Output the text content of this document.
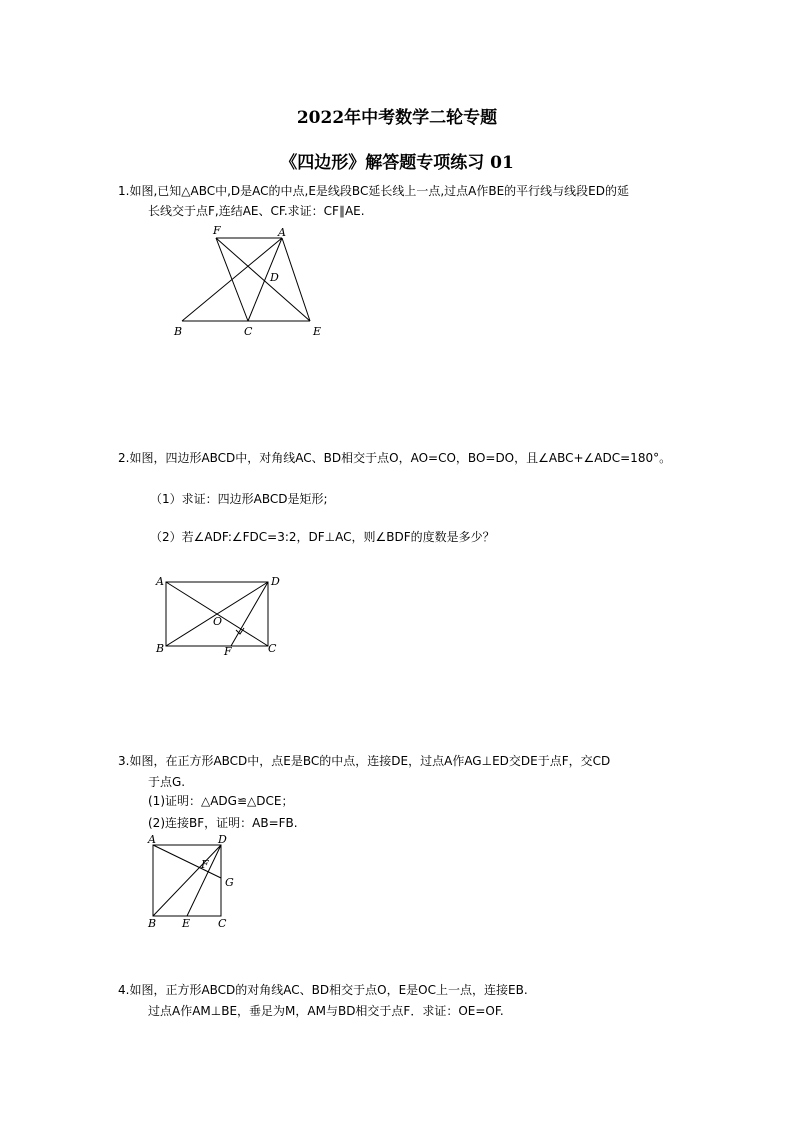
2022年中考数学二轮专题
《四边形》解答题专项练习 01
1.如图,已知△ABC中,D是AC的中点,E是线段BC延长线上一点,过点A作BE的平行线与线段ED的延
长线交于点F,连结AE、CF.求证：CF∥AE.
F	A
D
B	C	E
2.如图，四边形ABCD中，对角线AC、BD相交于点O，AO=CO，BO=DO，且∠ABC+∠ADC=180°。
（1）求证：四边形ABCD是矩形;
（2）若∠ADF:∠FDC=3:2，DF⊥AC，则∠BDF的度数是多少？
A	D
O
B	F	C
3.如图，在正方形ABCD中，点E是BC的中点，连接DE，过点A作AG⊥ED交DE于点F，交CD
于点G.
(1)证明：△ADG≌△DCE；
(2)连接BF，证明：AB=FB.
A	D
F
G
B E	C
4.如图，正方形ABCD的对角线AC、BD相交于点O，E是OC上一点，连接EB.
过点A作AM⊥BE，垂足为M，AM与BD相交于点F．求证：OE=OF.
